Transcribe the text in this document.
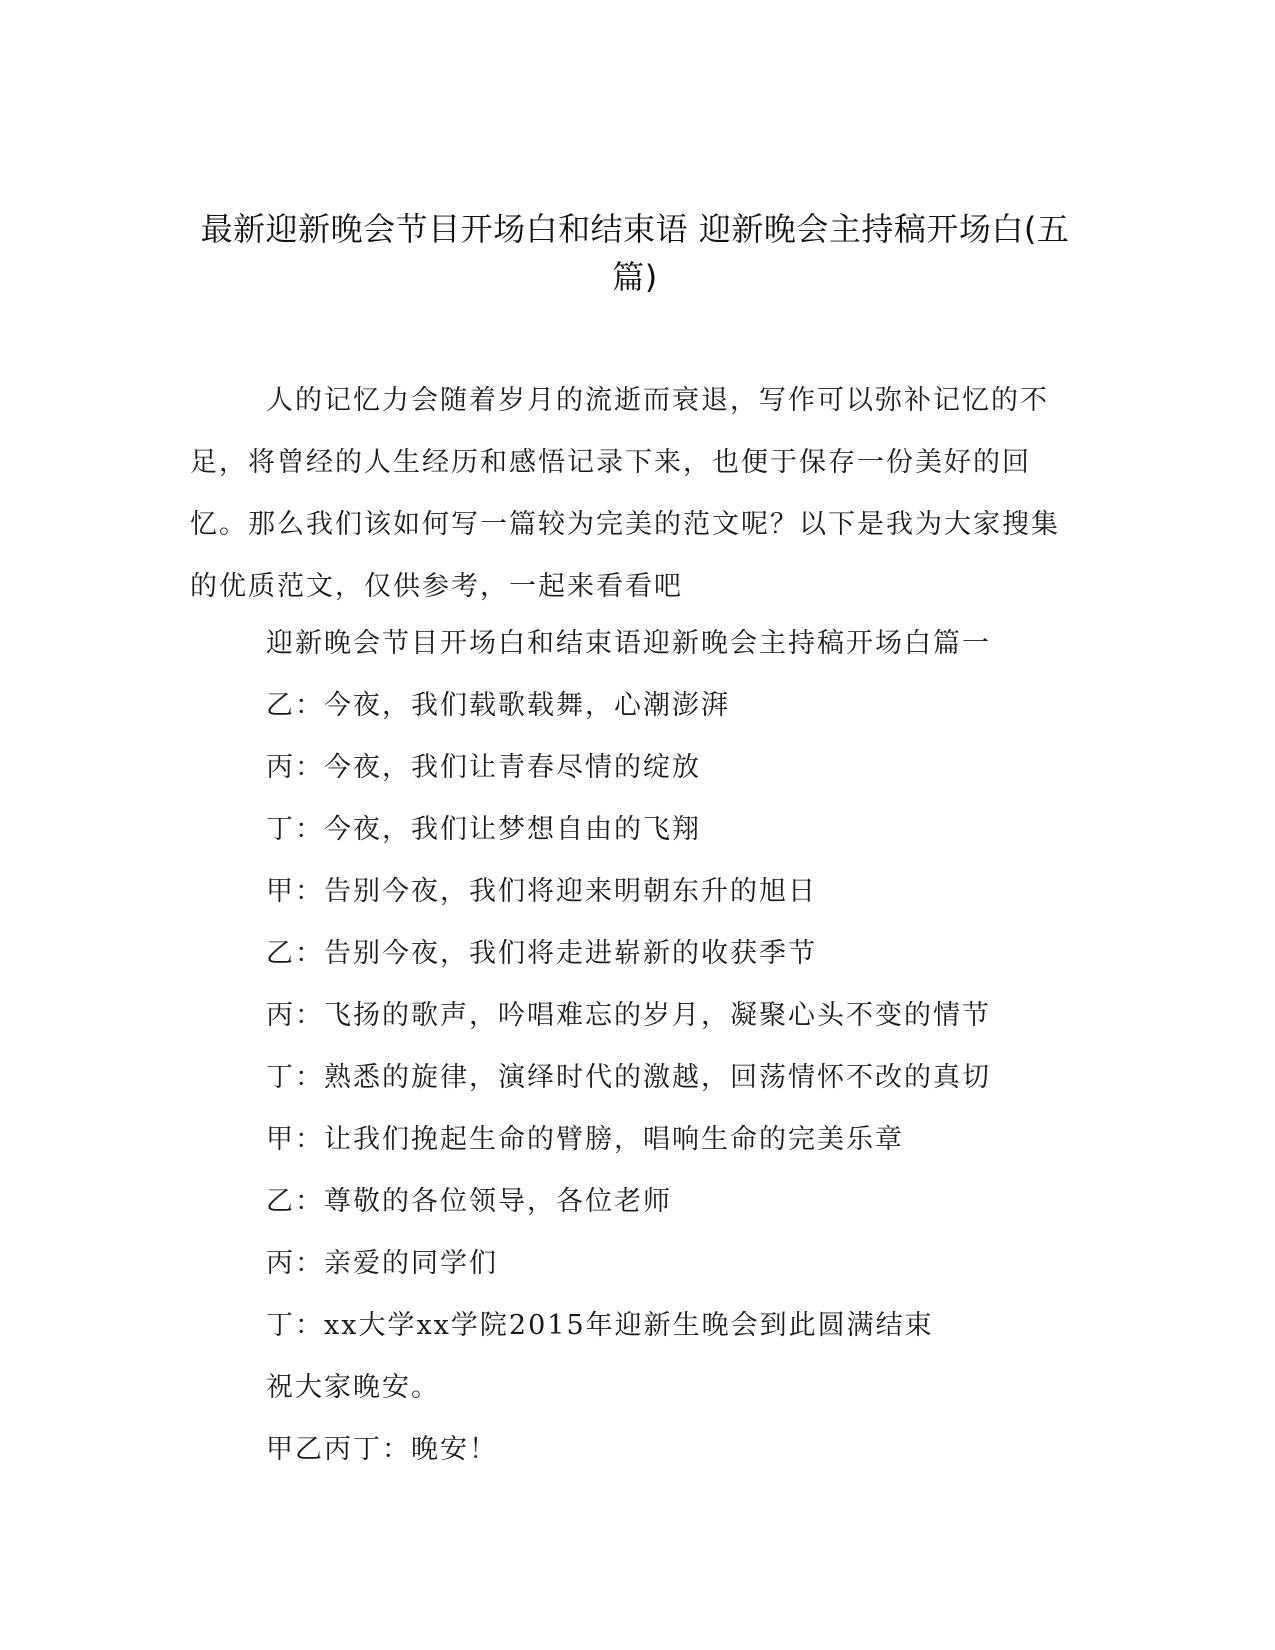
最新迎新晚会节目开场白和结束语 迎新晚会主持稿开场白(五篇)

人的记忆力会随着岁月的流逝而衰退，写作可以弥补记忆的不足，将曾经的人生经历和感悟记录下来，也便于保存一份美好的回忆。那么我们该如何写一篇较为完美的范文呢？以下是我为大家搜集的优质范文，仅供参考，一起来看看吧

迎新晚会节目开场白和结束语迎新晚会主持稿开场白篇一
乙：今夜，我们载歌载舞，心潮澎湃
丙：今夜，我们让青春尽情的绽放
丁：今夜，我们让梦想自由的飞翔
甲：告别今夜，我们将迎来明朝东升的旭日
乙：告别今夜，我们将走进崭新的收获季节
丙：飞扬的歌声，吟唱难忘的岁月，凝聚心头不变的情节
丁：熟悉的旋律，演绎时代的激越，回荡情怀不改的真切
甲：让我们挽起生命的臂膀，唱响生命的完美乐章
乙：尊敬的各位领导，各位老师
丙：亲爱的同学们
丁：xx大学xx学院2015年迎新生晚会到此圆满结束
祝大家晚安。
甲乙丙丁：晚安！
